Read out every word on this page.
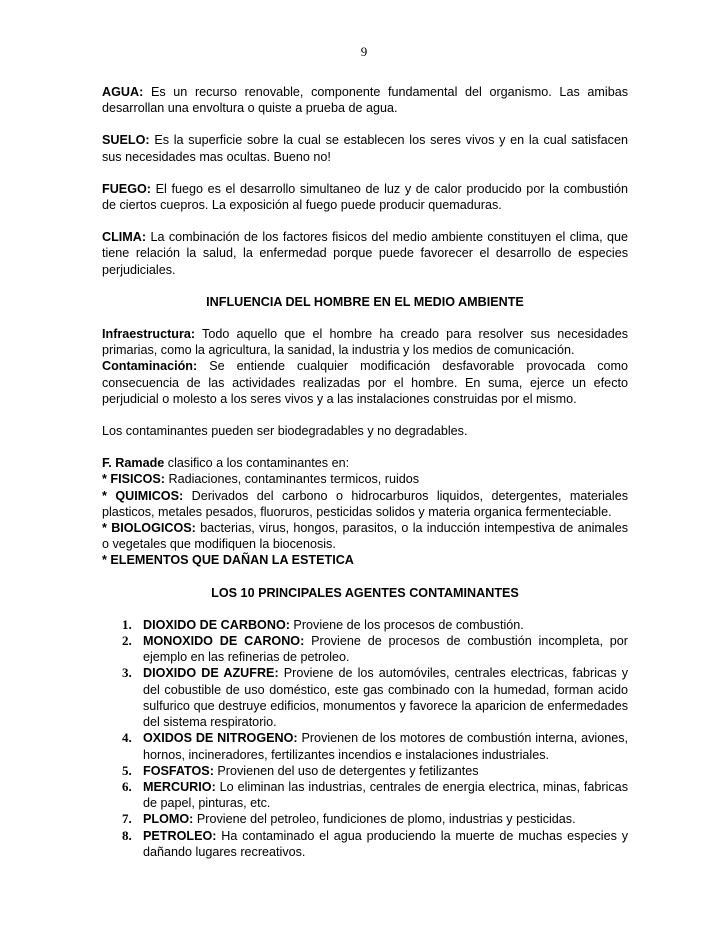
9

AGUA: Es un recurso renovable, componente fundamental del organismo. Las amibas desarrollan una envoltura o quiste a prueba de agua.

SUELO: Es la superficie sobre la cual se establecen los seres vivos y en la cual satisfacen sus necesidades mas ocultas. Bueno no!

FUEGO: El fuego es el desarrollo simultaneo de luz y de calor producido por la combustión de ciertos cuepros. La exposición al fuego puede producir quemaduras.

CLIMA: La combinación de los factores fisicos del medio ambiente constituyen el clima, que tiene relación la salud, la enfermedad porque puede favorecer el desarrollo de especies perjudiciales.

INFLUENCIA DEL HOMBRE EN EL MEDIO AMBIENTE

Infraestructura: Todo aquello que el hombre ha creado para resolver sus necesidades primarias, como la agricultura, la sanidad, la industria y los medios de comunicación.

Contaminación: Se entiende cualquier modificación desfavorable provocada como consecuencia de las actividades realizadas por el hombre. En suma, ejerce un efecto perjudicial o molesto a los seres vivos y a las instalaciones construidas por el mismo.

Los contaminantes pueden ser biodegradables y no degradables.

F. Ramade clasifico a los contaminantes en:

* FISICOS: Radiaciones, contaminantes termicos, ruidos

* QUIMICOS: Derivados del carbono o hidrocarburos liquidos, detergentes, materiales plasticos, metales pesados, fluoruros, pesticidas solidos y materia organica fermenteciable.

* BIOLOGICOS: bacterias, virus, hongos, parasitos, o la inducción intempestiva de animales o vegetales que modifiquen la biocenosis.

* ELEMENTOS QUE DAÑAN LA ESTETICA

LOS 10 PRINCIPALES AGENTES CONTAMINANTES

1. DIOXIDO DE CARBONO: Proviene de los procesos de combustión.
2. MONOXIDO DE CARONO: Proviene de procesos de combustión incompleta, por ejemplo en las refinerias de petroleo.
3. DIOXIDO DE AZUFRE: Proviene de los automóviles, centrales electricas, fabricas y del cobustible de uso doméstico, este gas combinado con la humedad, forman acido sulfurico que destruye edificios, monumentos y favorece la aparicion de enfermedades del sistema respiratorio.
4. OXIDOS DE NITROGENO: Provienen de los motores de combustión interna, aviones, hornos, incineradores, fertilizantes incendios e instalaciones industriales.
5. FOSFATOS: Provienen del uso de detergentes y fetilizantes
6. MERCURIO: Lo eliminan las industrias, centrales de energia electrica, minas, fabricas de papel, pinturas, etc.
7. PLOMO: Proviene del petroleo, fundiciones de plomo, industrias y pesticidas.
8. PETROLEO: Ha contaminado el agua produciendo la muerte de muchas especies y dañando lugares recreativos.
